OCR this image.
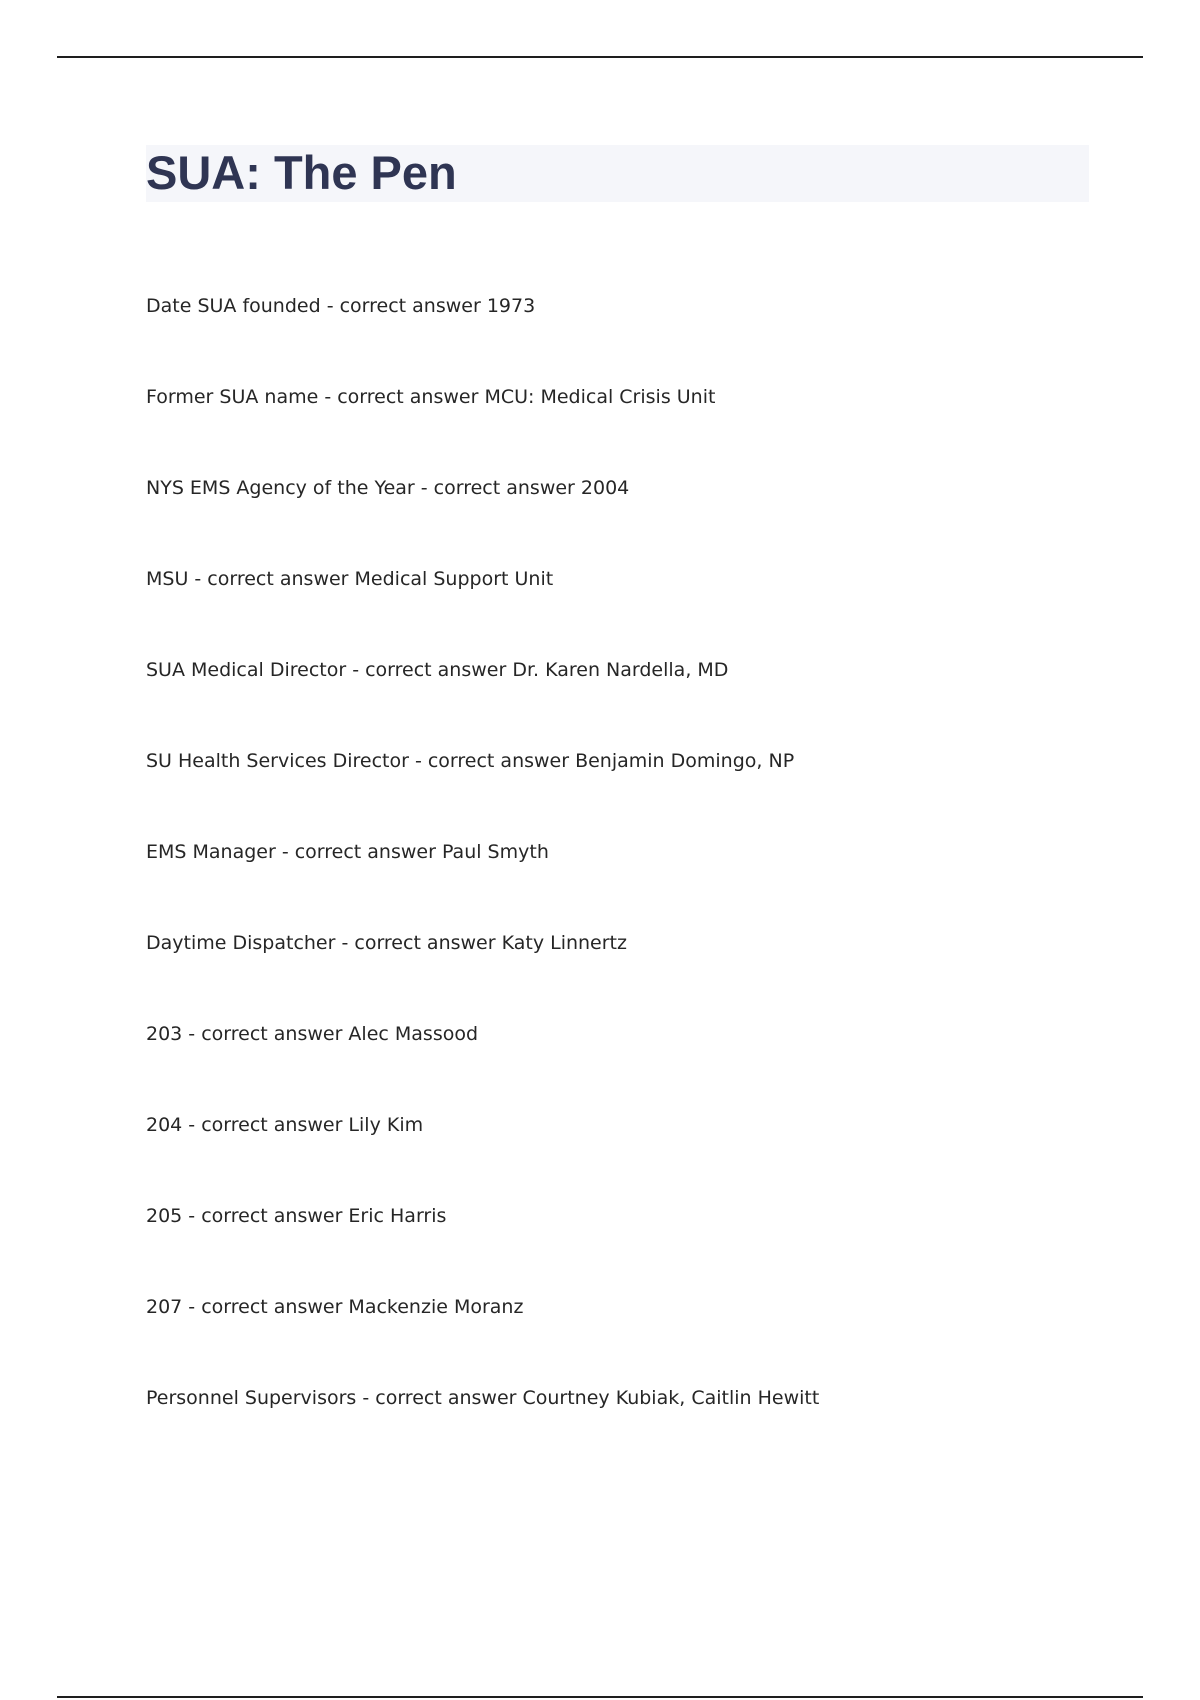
SUA: The Pen
Date SUA founded - correct answer 1973
Former SUA name - correct answer MCU: Medical Crisis Unit
NYS EMS Agency of the Year - correct answer 2004
MSU - correct answer Medical Support Unit
SUA Medical Director - correct answer Dr. Karen Nardella, MD
SU Health Services Director - correct answer Benjamin Domingo, NP
EMS Manager - correct answer Paul Smyth
Daytime Dispatcher - correct answer Katy Linnertz
203 - correct answer Alec Massood
204 - correct answer Lily Kim
205 - correct answer Eric Harris
207 - correct answer Mackenzie Moranz
Personnel Supervisors - correct answer Courtney Kubiak, Caitlin Hewitt
